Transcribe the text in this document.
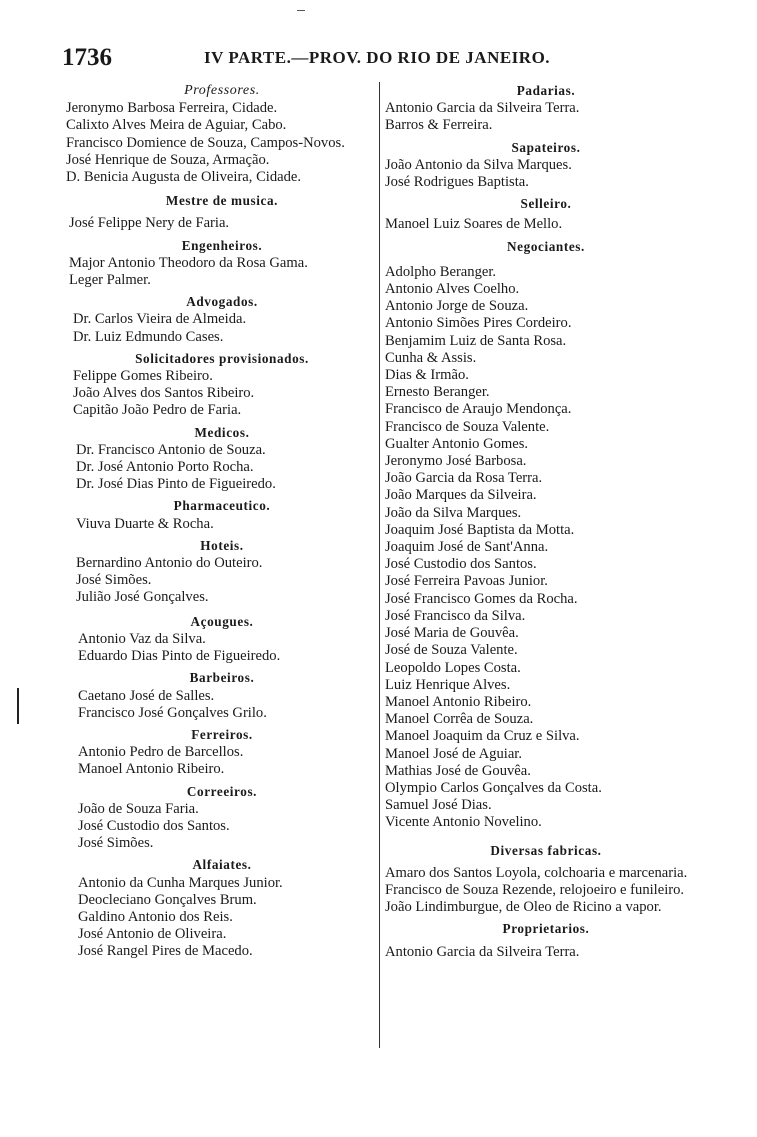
1736	IV PARTE.—PROV. DO RIO DE JANEIRO.
Professores.
Jeronymo Barbosa Ferreira, Cidade.
Calixto Alves Meira de Aguiar, Cabo.
Francisco Domience de Souza, Campos-Novos.
José Henrique de Souza, Armação.
D. Benicia Augusta de Oliveira, Cidade.
Mestre de musica.
José Felippe Nery de Faria.
Engenheiros.
Major Antonio Theodoro da Rosa Gama.
Leger Palmer.
Advogados.
Dr. Carlos Vieira de Almeida.
Dr. Luiz Edmundo Cases.
Solicitadores provisionados.
Felippe Gomes Ribeiro.
João Alves dos Santos Ribeiro.
Capitão João Pedro de Faria.
Medicos.
Dr. Francisco Antonio de Souza.
Dr. José Antonio Porto Rocha.
Dr. José Dias Pinto de Figueiredo.
Pharmaceutico.
Viuva Duarte & Rocha.
Hoteis.
Bernardino Antonio do Outeiro.
José Simões.
Julião José Gonçalves.
Açougues.
Antonio Vaz da Silva.
Eduardo Dias Pinto de Figueiredo.
Barbeiros.
Caetano José de Salles.
Francisco José Gonçalves Grilo.
Ferreiros.
Antonio Pedro de Barcellos.
Manoel Antonio Ribeiro.
Correeiros.
João de Souza Faria.
José Custodio dos Santos.
José Simões.
Alfaiates.
Antonio da Cunha Marques Junior.
Deocleciano Gonçalves Brum.
Galdino Antonio dos Reis.
José Antonio de Oliveira.
José Rangel Pires de Macedo.
Padarias.
Antonio Garcia da Silveira Terra.
Barros & Ferreira.
Sapateiros.
João Antonio da Silva Marques.
José Rodrigues Baptista.
Selleiro.
Manoel Luiz Soares de Mello.
Negociantes.
Adolpho Beranger.
Antonio Alves Coelho.
Antonio Jorge de Souza.
Antonio Simões Pires Cordeiro.
Benjamim Luiz de Santa Rosa.
Cunha & Assis.
Dias & Irmão.
Ernesto Beranger.
Francisco de Araujo Mendonça.
Francisco de Souza Valente.
Gualter Antonio Gomes.
Jeronymo José Barbosa.
João Garcia da Rosa Terra.
João Marques da Silveira.
João da Silva Marques.
Joaquim José Baptista da Motta.
Joaquim José de Sant'Anna.
José Custodio dos Santos.
José Ferreira Pavoas Junior.
José Francisco Gomes da Rocha.
José Francisco da Silva.
José Maria de Gouvêa.
José de Souza Valente.
Leopoldo Lopes Costa.
Luiz Henrique Alves.
Manoel Antonio Ribeiro.
Manoel Corrêa de Souza.
Manoel Joaquim da Cruz e Silva.
Manoel José de Aguiar.
Mathias José de Gouvêa.
Olympio Carlos Gonçalves da Costa.
Samuel José Dias.
Vicente Antonio Novelino.
Diversas fabricas.
Amaro dos Santos Loyola, colchoaria e marcenaria.
Francisco de Souza Rezende, relojoeiro e funileiro.
João Lindimburgue, de Oleo de Ricino a vapor.
Proprietarios.
Antonio Garcia da Silveira Terra.
